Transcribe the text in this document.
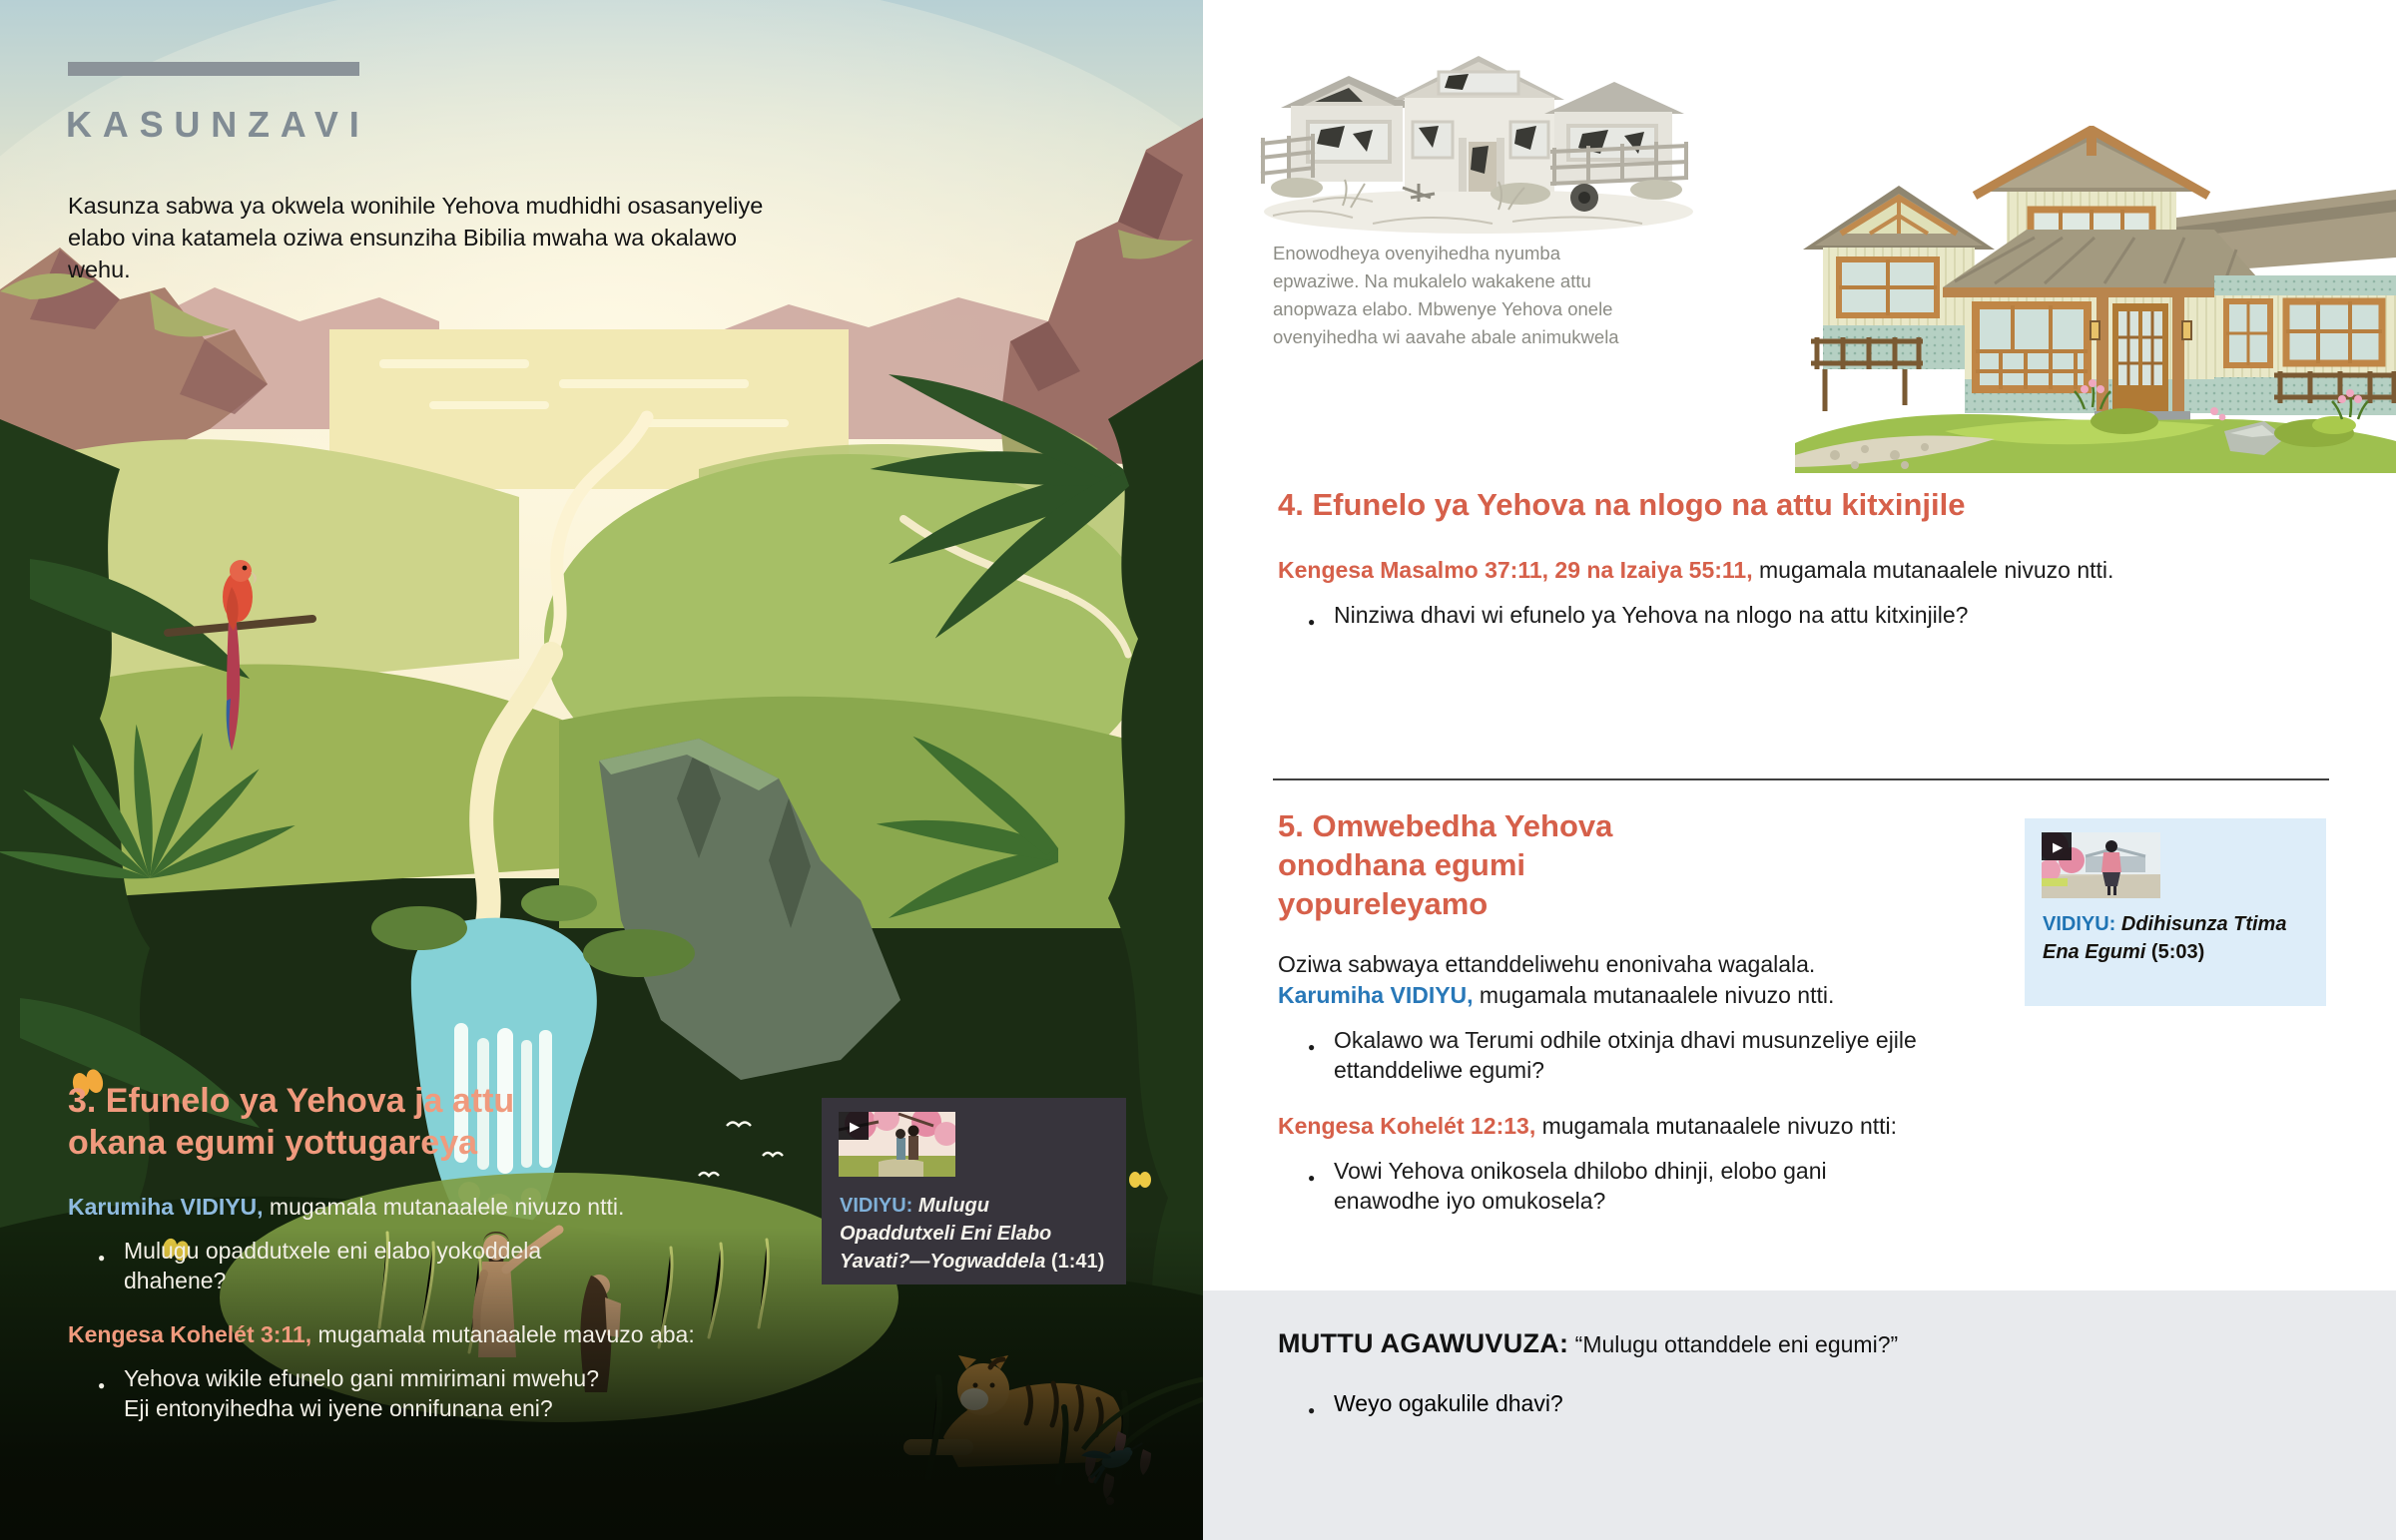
KASUNZAVI

Kasunza sabwa ya okwela wonihile Yehova mudhidhi osasanyeliye elabo vina katamela oziwa ensunziha Bibilia mwaha wa okalawo wehu.

3. Efunelo ya Yehova ja attu okana egumi yottugareya

Karumiha VIDIYU, mugamala mutanaalele nivuzo ntti.

● Mulugu opaddutxele eni elabo yokoddela dhahene?

Kengesa Kohelét 3:11, mugamala mutanaalele mavuzo aba:

● Yehova wikile efunelo gani mmirimani mwehu? Eji entonyihedha wi iyene onnifunana eni?
▶

VIDIYU: Mulugu Opaddutxeli Eni Elabo Yavati?—Yogwaddela (1:41)

Enowodheya ovenyihedha nyumba epwaziwe. Na mukalelo wakakene attu anopwaza elabo. Mbwenye Yehova onele ovenyihedha wi aavahe abale animukwela

4. Efunelo ya Yehova na nlogo na attu kitxinjile

Kengesa Masalmo 37:11, 29 na Izaiya 55:11, mugamala mutanaalele nivuzo ntti.

● Ninziwa dhavi wi efunelo ya Yehova na nlogo na attu kitxinjile?
5. Omwebedha Yehova onodhana egumi yopureleyamo

Oziwa sabwaya ettanddeliwehu enonivaha wagalala. Karumiha VIDIYU, mugamala mutanaalele nivuzo ntti.

● Okalawo wa Terumi odhile otxinja dhavi musunzeliye ejile ettanddeliwe egumi?

Kengesa Kohelét 12:13, mugamala mutanaalele nivuzo ntti:

● Vowi Yehova onikosela dhilobo dhinji, elobo gani enawodhe iyo omukosela?
▶

VIDIYU: Ddihisunza Ttima Ena Egumi (5:03)

MUTTU AGAWUVUZA: “Mulugu ottanddele eni egumi?”

● Weyo ogakulile dhavi?
